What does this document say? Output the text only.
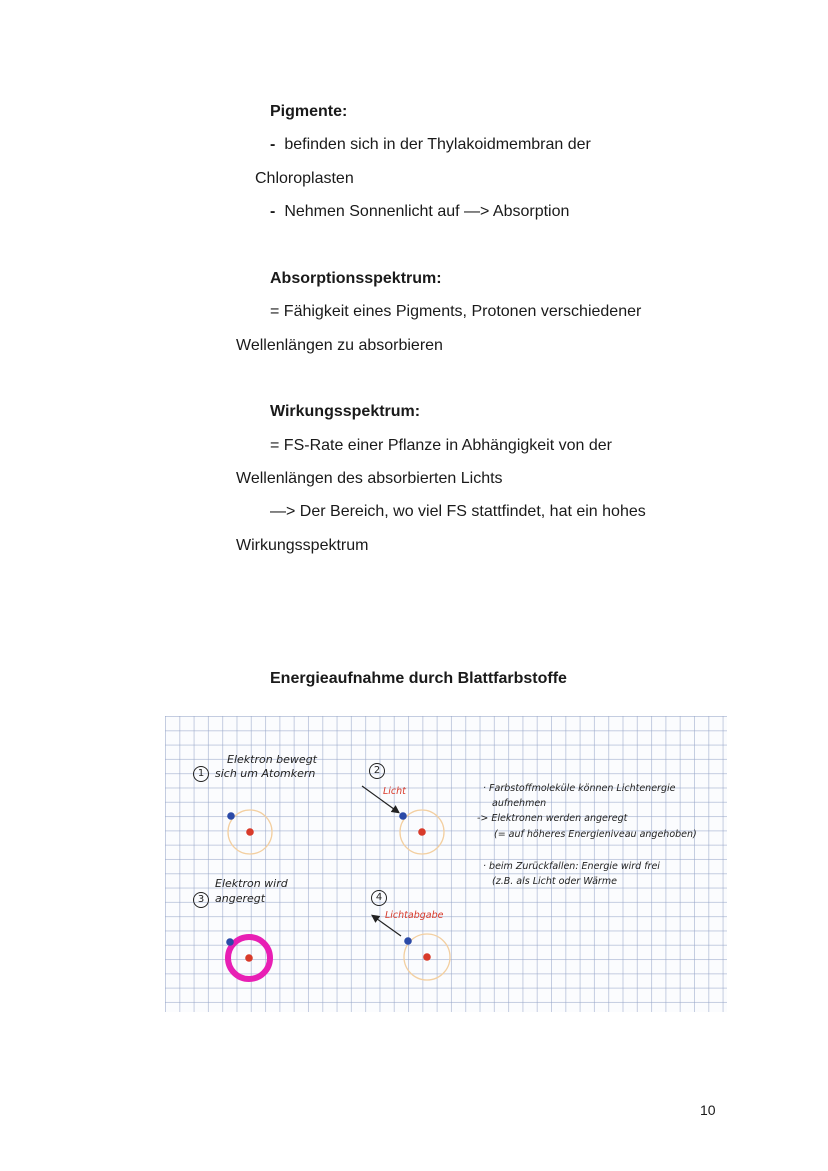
Pigmente:
- befinden sich in der Thylakoidmembran der
Chloroplasten
- Nehmen Sonnenlicht auf —> Absorption
Absorptionsspektrum:
= Fähigkeit eines Pigments, Protonen verschiedener
Wellenlängen zu absorbieren
Wirkungsspektrum:
= FS-Rate einer Pflanze in Abhängigkeit von der
Wellenlängen des absorbierten Lichts
—> Der Bereich, wo viel FS stattfindet, hat ein hohes
Wirkungsspektrum
Energieaufnahme durch Blattfarbstoffe
1
Elektron bewegt
sich um Atomkern	2
Licht
3
Elektron wird
angeregt	4
Lichtabgabe
· Farbstoffmoleküle können Lichtenergie
aufnehmen
-> Elektronen werden angeregt
(= auf höheres Energieniveau angehoben)
· beim Zurückfallen: Energie wird frei
(z.B. als Licht oder Wärme
10
